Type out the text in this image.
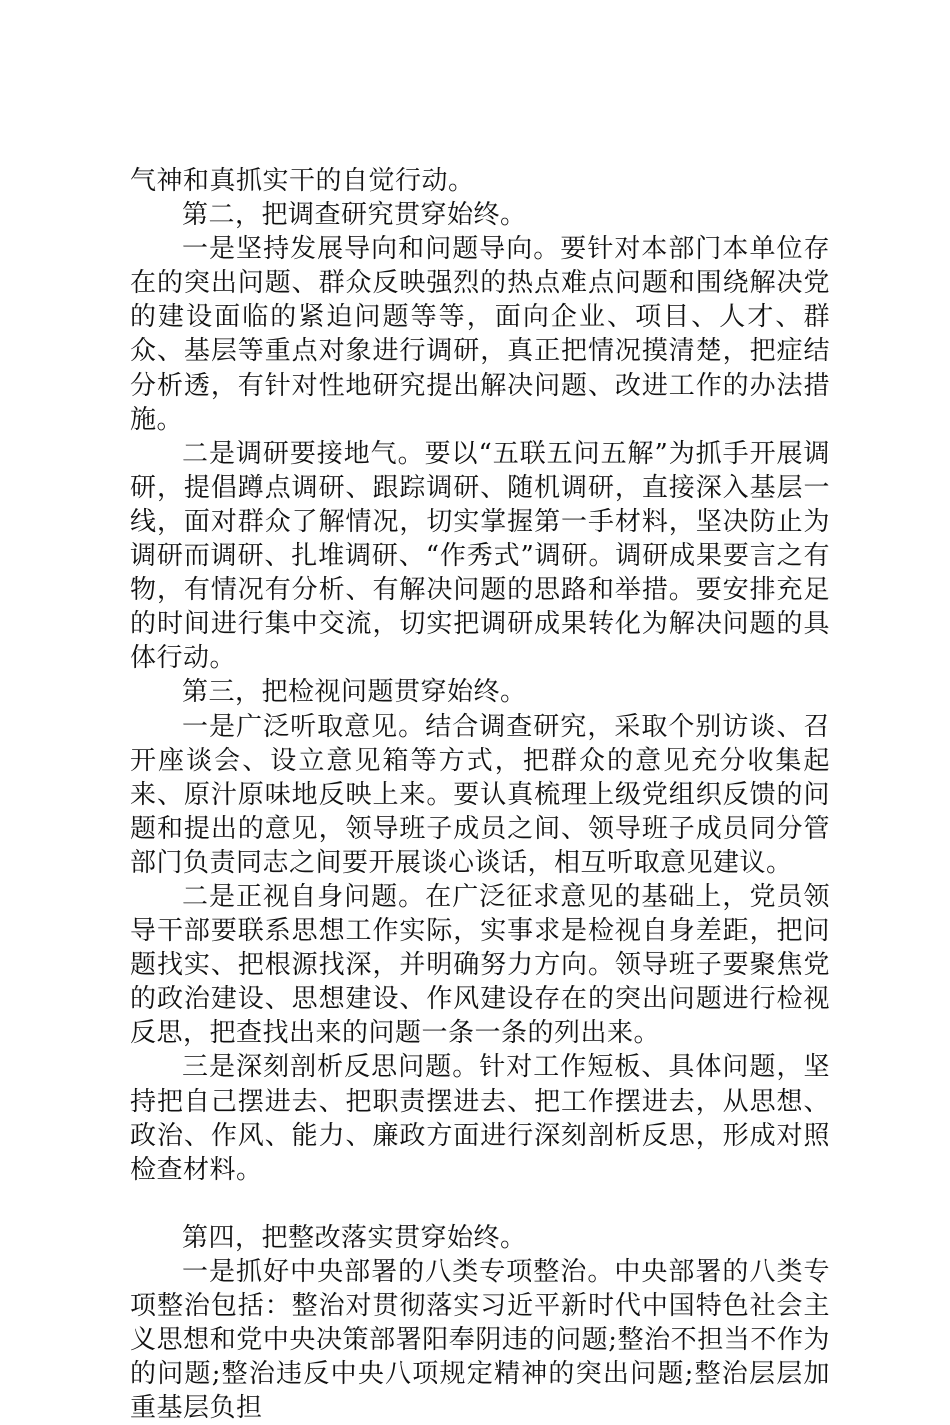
气神和真抓实干的自觉行动。

第二，把调查研究贯穿始终。

一是坚持发展导向和问题导向。要针对本部门本单位存在的突出问题、群众反映强烈的热点难点问题和围绕解决党的建设面临的紧迫问题等等，面向企业、项目、人才、群众、基层等重点对象进行调研，真正把情况摸清楚，把症结分析透，有针对性地研究提出解决问题、改进工作的办法措施。

二是调研要接地气。要以“五联五问五解”为抓手开展调研，提倡蹲点调研、跟踪调研、随机调研，直接深入基层一线，面对群众了解情况，切实掌握第一手材料，坚决防止为调研而调研、扎堆调研、“作秀式”调研。调研成果要言之有物，有情况有分析、有解决问题的思路和举措。要安排充足的时间进行集中交流，切实把调研成果转化为解决问题的具体行动。

第三，把检视问题贯穿始终。

一是广泛听取意见。结合调查研究，采取个别访谈、召开座谈会、设立意见箱等方式，把群众的意见充分收集起来、原汁原味地反映上来。要认真梳理上级党组织反馈的问题和提出的意见，领导班子成员之间、领导班子成员同分管部门负责同志之间要开展谈心谈话，相互听取意见建议。

二是正视自身问题。在广泛征求意见的基础上，党员领导干部要联系思想工作实际，实事求是检视自身差距，把问题找实、把根源找深，并明确努力方向。领导班子要聚焦党的政治建设、思想建设、作风建设存在的突出问题进行检视反思，把查找出来的问题一条一条的列出来。

三是深刻剖析反思问题。针对工作短板、具体问题，坚持把自己摆进去、把职责摆进去、把工作摆进去，从思想、政治、作风、能力、廉政方面进行深刻剖析反思，形成对照检查材料。

第四，把整改落实贯穿始终。

一是抓好中央部署的八类专项整治。中央部署的八类专项整治包括：整治对贯彻落实习近平新时代中国特色社会主义思想和党中央决策部署阳奉阴违的问题;整治不担当不作为的问题;整治违反中央八项规定精神的突出问题;整治层层加重基层负担
